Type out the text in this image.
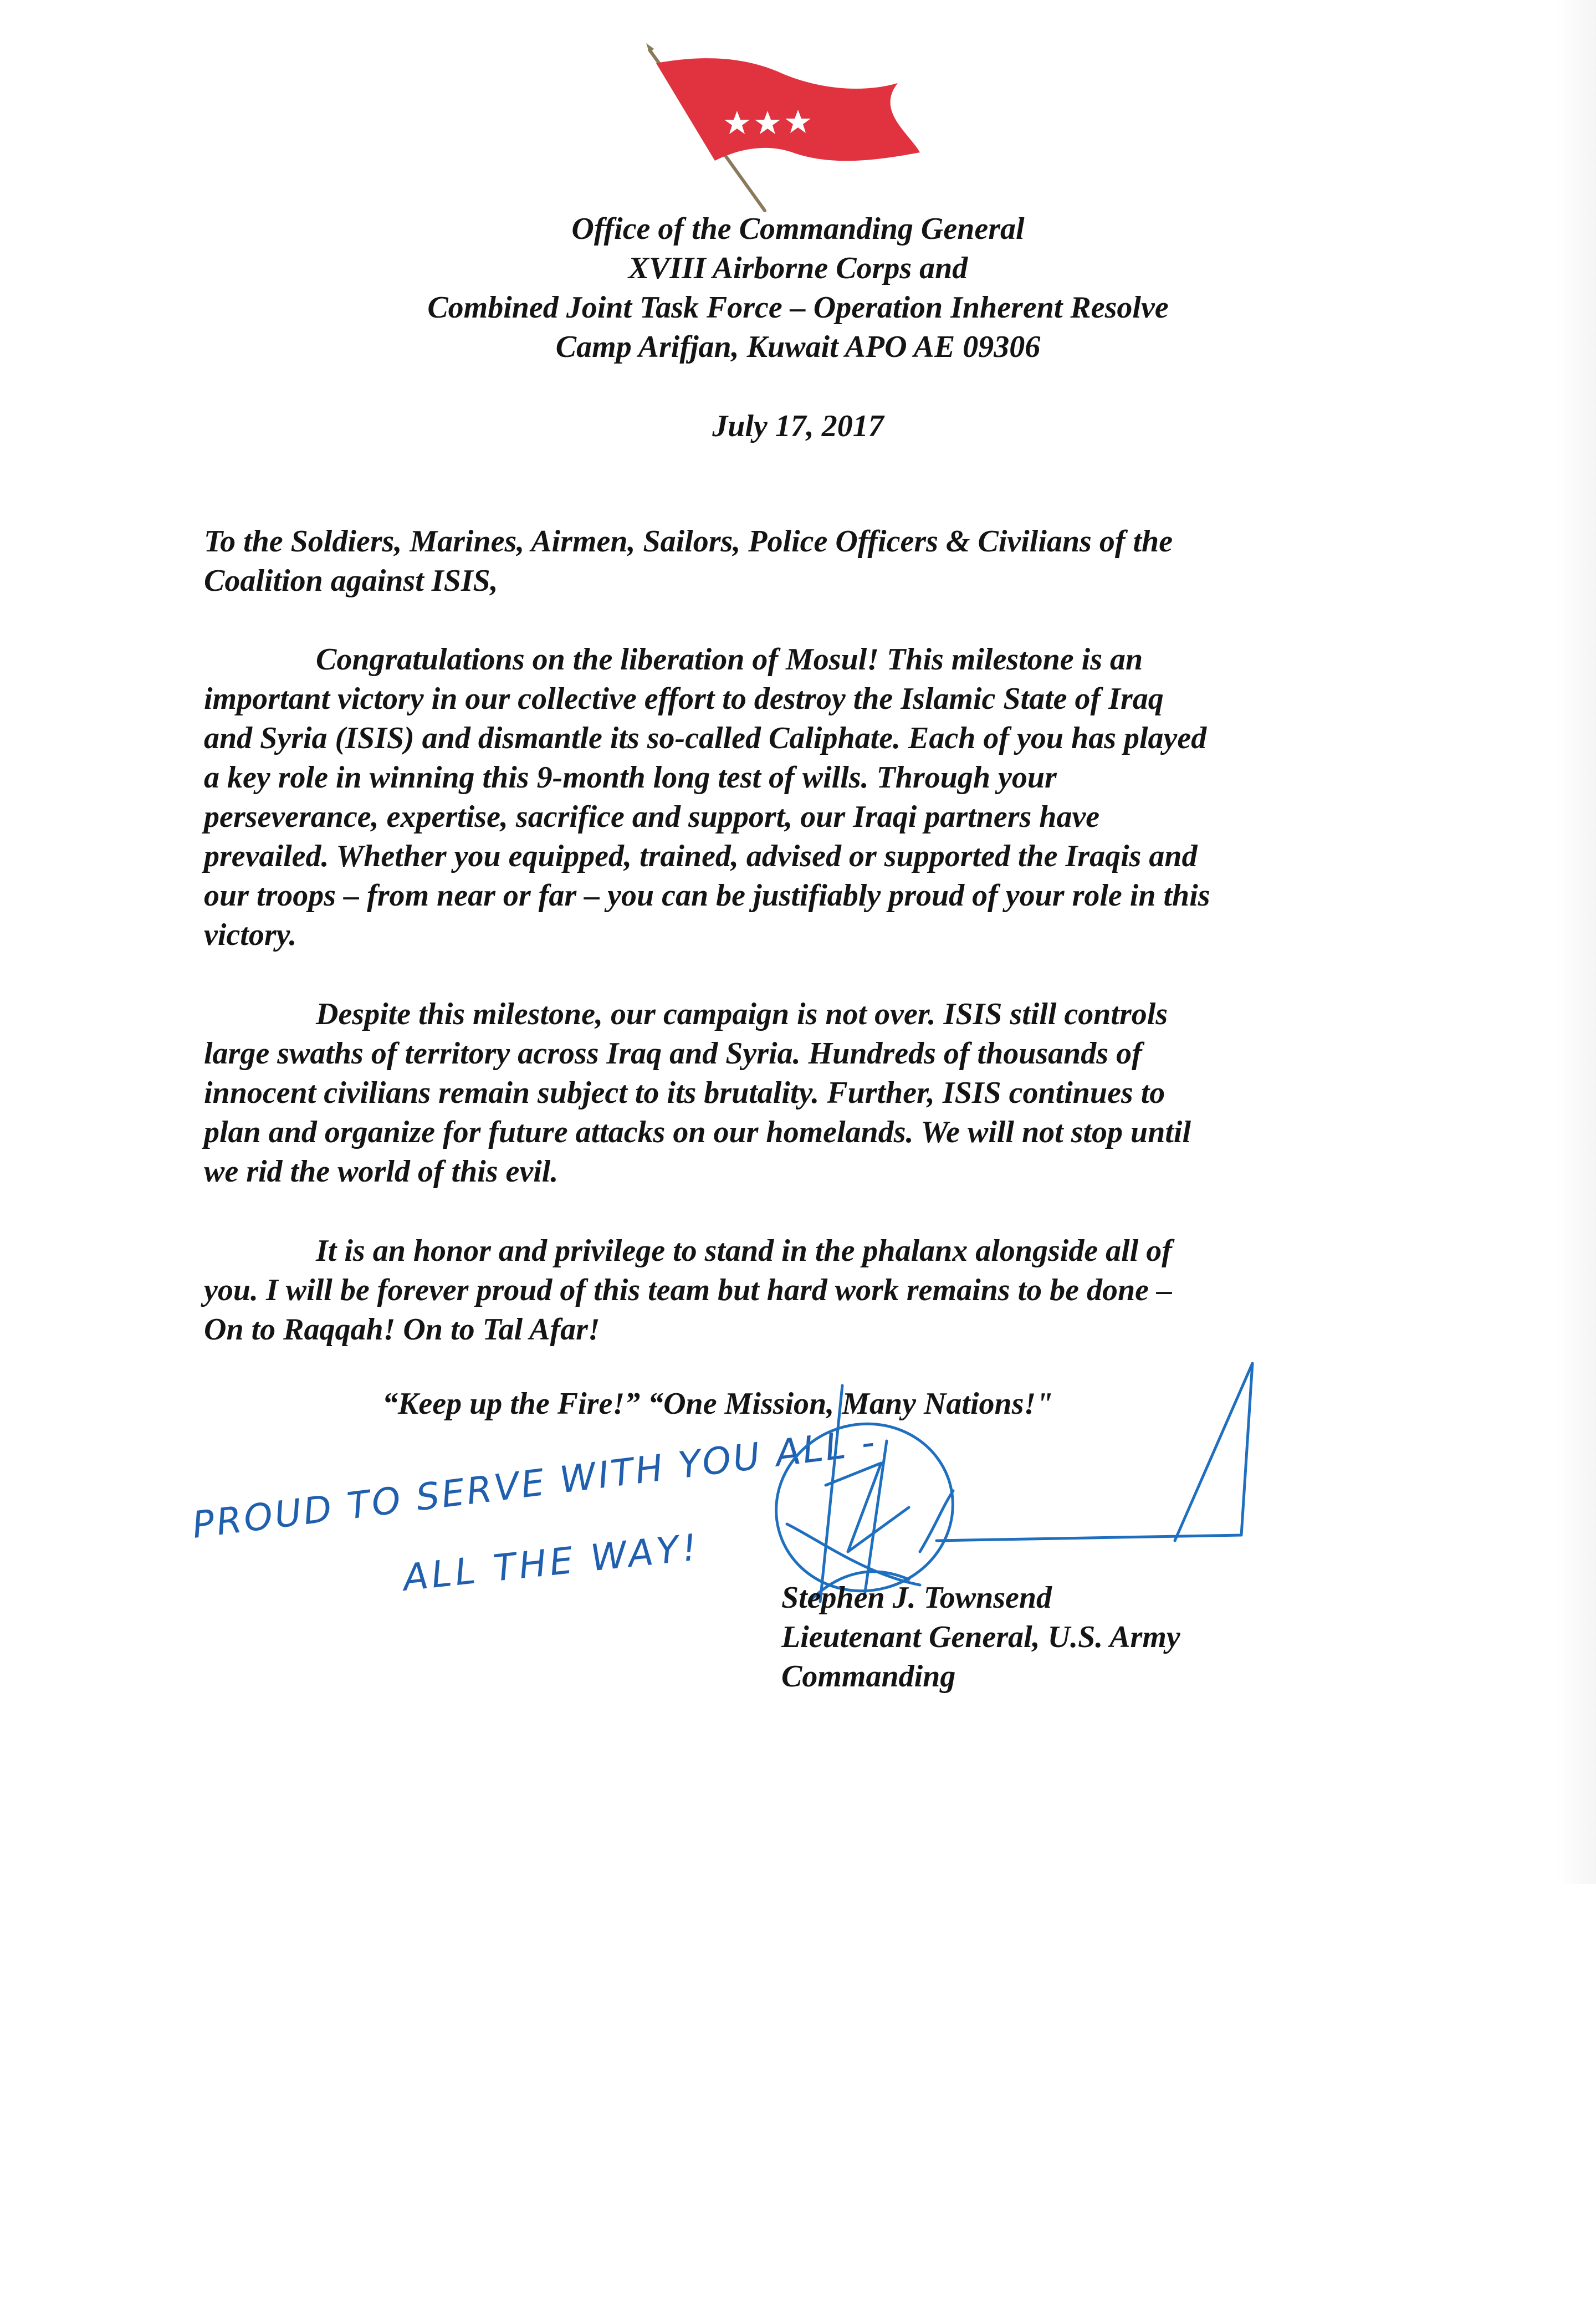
Office of the Commanding General
XVIII Airborne Corps and
Combined Joint Task Force – Operation Inherent Resolve
Camp Arifjan, Kuwait APO AE 09306
July 17, 2017
To the Soldiers, Marines, Airmen, Sailors, Police Officers & Civilians of the
Coalition against ISIS,
Congratulations on the liberation of Mosul! This milestone is an
important victory in our collective effort to destroy the Islamic State of Iraq
and Syria (ISIS) and dismantle its so-called Caliphate. Each of you has played
a key role in winning this 9-month long test of wills. Through your
perseverance, expertise, sacrifice and support, our Iraqi partners have
prevailed. Whether you equipped, trained, advised or supported the Iraqis and
our troops – from near or far – you can be justifiably proud of your role in this
victory.
Despite this milestone, our campaign is not over. ISIS still controls
large swaths of territory across Iraq and Syria. Hundreds of thousands of
innocent civilians remain subject to its brutality. Further, ISIS continues to
plan and organize for future attacks on our homelands. We will not stop until
we rid the world of this evil.
It is an honor and privilege to stand in the phalanx alongside all of
you. I will be forever proud of this team but hard work remains to be done –
On to Raqqah! On to Tal Afar!
“Keep up the Fire!” “One Mission, Many Nations!"
PROUD TO SERVE WITH YOU ALL -
ALL THE WAY!	Stephen J. Townsend
Lieutenant General, U.S. Army
Commanding
